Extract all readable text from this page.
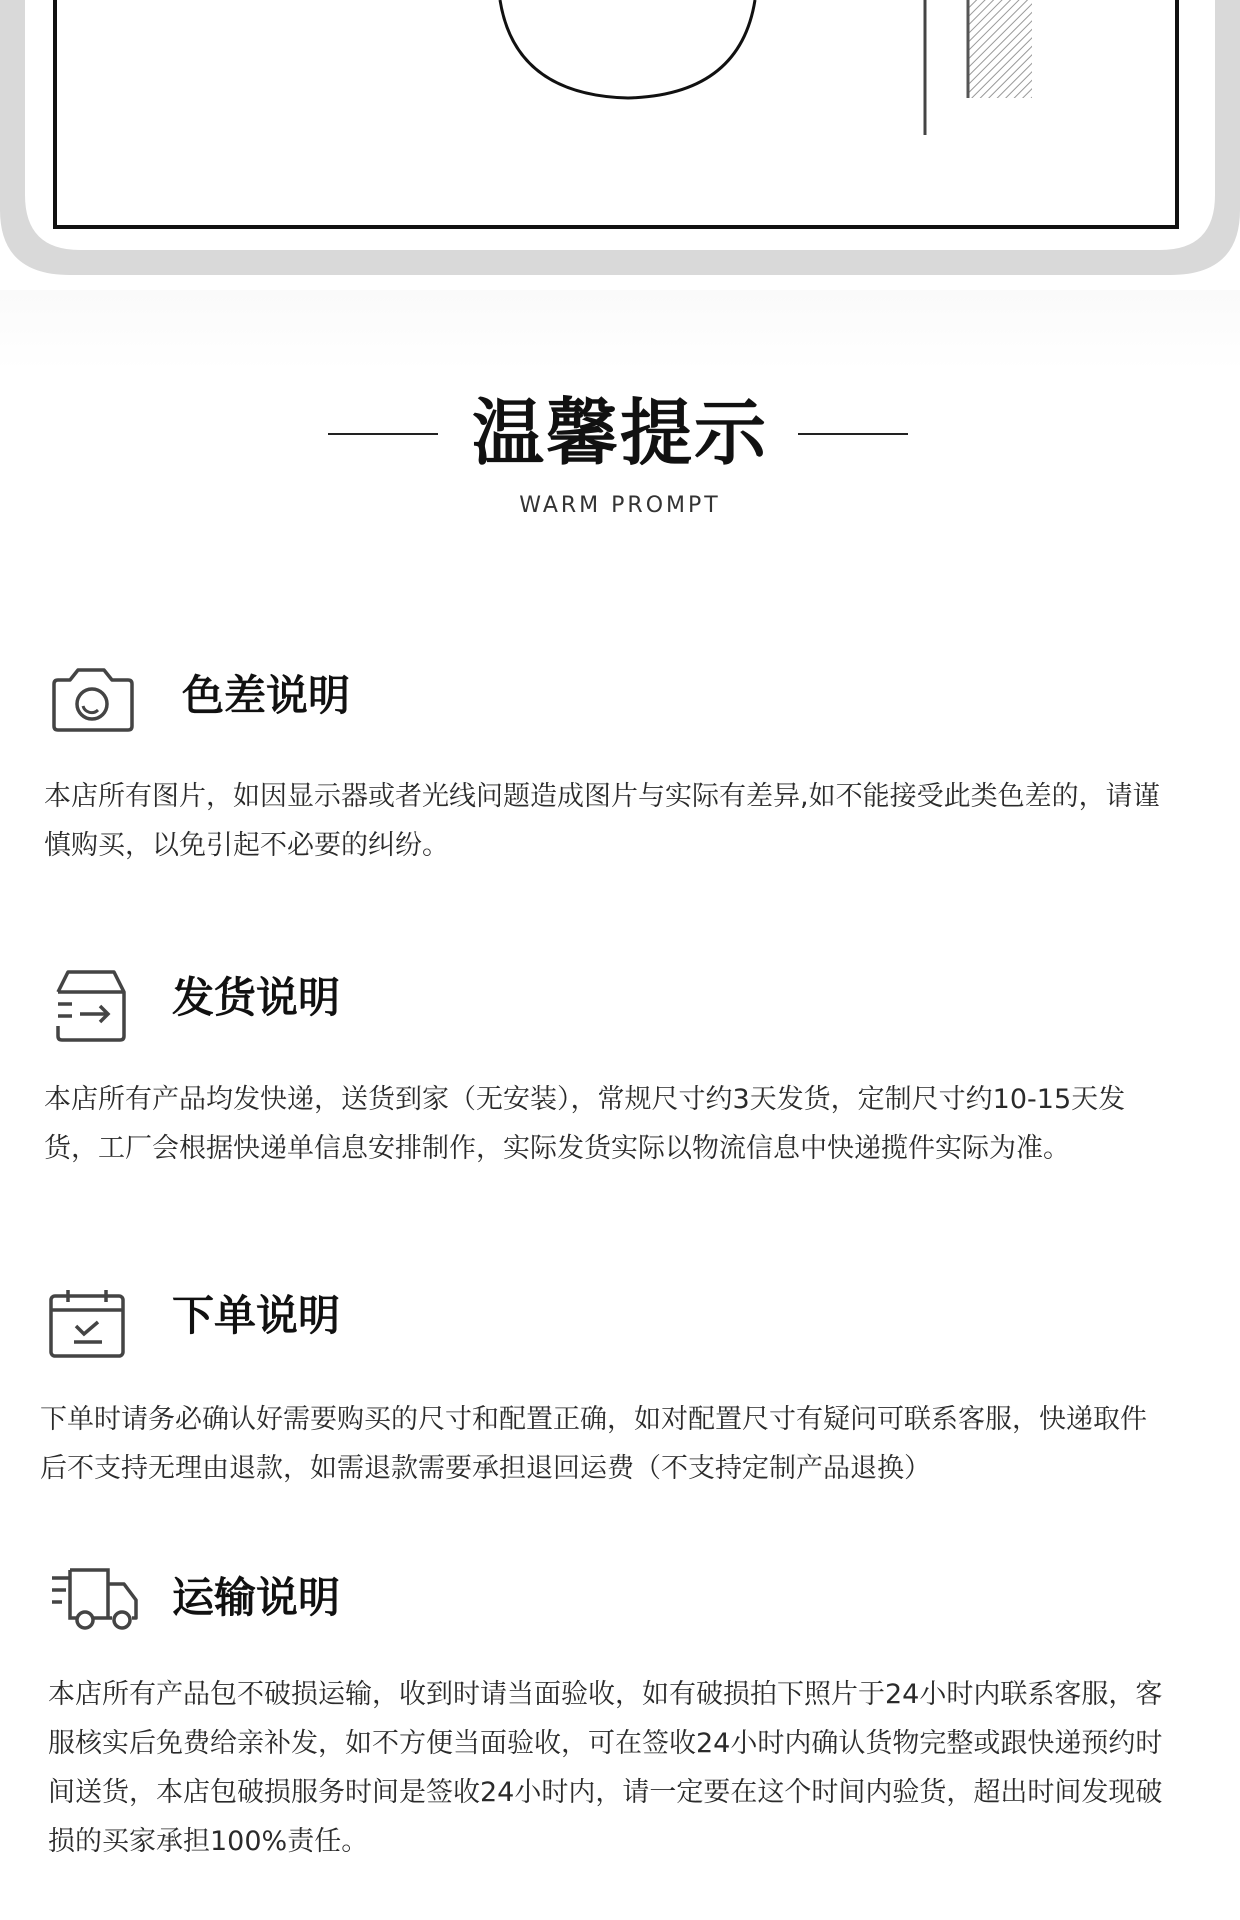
温馨提示
WARM PROMPT
色差说明
本店所有图片，如因显示器或者光线问题造成图片与实际有差异,如不能接受此类色差的，请谨慎购买，以免引起不必要的纠纷。
发货说明
本店所有产品均发快递，送货到家（无安装），常规尺寸约3天发货，定制尺寸约10-15天发货，工厂会根据快递单信息安排制作，实际发货实际以物流信息中快递揽件实际为准。
下单说明
下单时请务必确认好需要购买的尺寸和配置正确，如对配置尺寸有疑问可联系客服，快递取件后不支持无理由退款，如需退款需要承担退回运费（不支持定制产品退换）
运输说明
本店所有产品包不破损运输，收到时请当面验收，如有破损拍下照片于24小时内联系客服，客服核实后免费给亲补发，如不方便当面验收，可在签收24小时内确认货物完整或跟快递预约时间送货，本店包破损服务时间是签收24小时内，请一定要在这个时间内验货，超出时间发现破损的买家承担100%责任。
